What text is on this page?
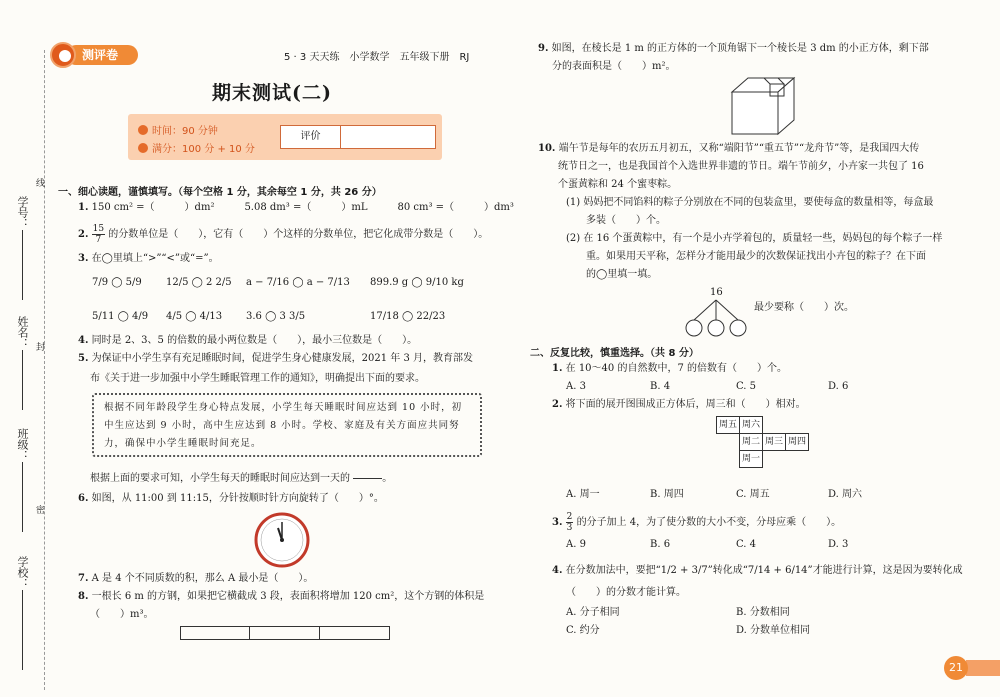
学号：
姓名：
班级：
学校：
线
封
密
测评卷	5 · 3 天天练　小学数学　五年级下册　RJ
期末测试(二)
时间：90 分钟
满分：100 分 + 10 分
评价
一、细心读题，谨慎填写。（每个空格 1 分，其余每空 1 分，共 26 分）
1. 150 cm² =（　　　）dm²　　　5.08 dm³ =（　　　）mL　　　80 cm³ =（　　　）dm³
2. $\frac{15}{7}$ 的分数单位是（　　），它有（　　）个这样的分数单位，把它化成带分数是（　　）。
3. 在◯里填上“>”“<”或“=”。
7/9 ◯ 5/9 12/5 ◯ 2 2/5 a − 7/16 ◯ a − 7/13 899.9 g ◯ 9/10 kg
5/11 ◯ 4/9 4/5 ◯ 4/13 3.6 ◯ 3 3/5	17/18 ◯ 22/23
4. 同时是 2、3、5 的倍数的最小两位数是（　　），最小三位数是（　　）。
5. 为保证中小学生享有充足睡眠时间，促进学生身心健康发展，2021 年 3 月，教育部发
布《关于进一步加强中小学生睡眠管理工作的通知》，明确提出下面的要求。
根据不同年龄段学生身心特点发展，小学生每天睡眠时间应达到 10 小时，初中生应达到 9 小时，高中生应达到 8 小时。学校、家庭及有关方面应共同努力，确保中小学生睡眠时间充足。
根据上面的要求可知，小学生每天的睡眠时间应达到一天的

　　　	。
6. 如图，从 11:00 到 11:15，分针按顺时针方向旋转了（　　）°。
7. A 是 4 个不同质数的积，那么 A 最小是（　　）。
8. 一根长 6 m 的方钢，如果把它横截成 3 段，表面积将增加 120 cm²，这个方钢的体积是
（　　）m³。
9. 如图，在棱长是 1 m 的正方体的一个顶角锯下一个棱长是 3 dm 的小正方体，剩下部
分的表面积是（　　）m²。
10. 端午节是每年的农历五月初五，又称“端阳节”“重五节”“龙舟节”等，是我国四大传
统节日之一，也是我国首个入选世界非遗的节日。端午节前夕，小卉家一共包了 16
个蛋黄粽和 24 个蜜枣粽。
(1) 妈妈把不同馅料的粽子分别放在不同的包装盒里，要使每盒的数量相等，每盒最
多装（　　）个。
(2) 在 16 个蛋黄粽中，有一个是小卉学着包的，质量轻一些，妈妈包的每个粽子一样
重。如果用天平称，怎样分才能用最少的次数保证找出小卉包的粽子？在下面
的◯里填一填。
16
最少要称（　　）次。
二、反复比较，慎重选择。（共 8 分）
1. 在 10～40 的自然数中，7 的倍数有（　　）个。
A. 3	B. 4	C. 5	D. 6
2. 将下面的展开图围成正方体后，周三和（　　）相对。
周五 周六
周二 周三 周四
周一
A. 周一	B. 周四	C. 周五	D. 周六
3. $\frac{2}{3}$ 的分子加上 4，为了使分数的大小不变，分母应乘（　　）。
A. 9	B. 6	C. 4	D. 3
4. 在分数加法中，要把“1/2 + 3/7”转化成“7/14 + 6/14”才能进行计算，这是因为要转化成
（　　）的分数才能计算。
A. 分子相同	B. 分数相同
C. 约分	D. 分数单位相同
21
